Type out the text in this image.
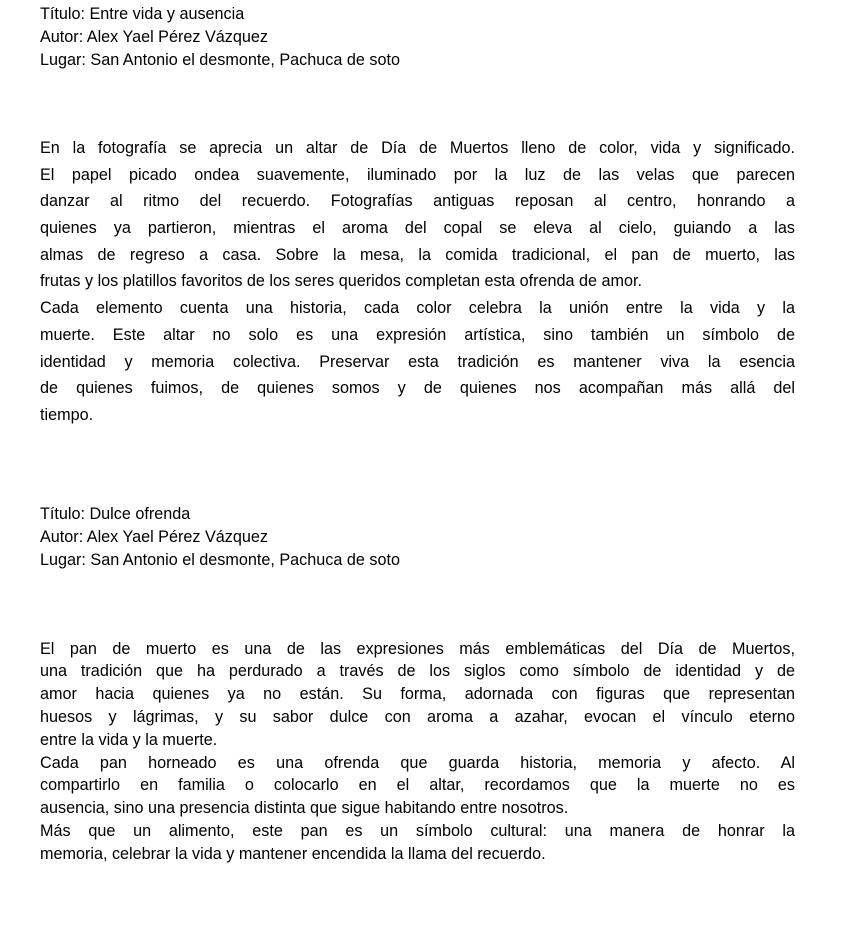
Título: Entre vida y ausencia
Autor: Alex Yael Pérez Vázquez
Lugar: San Antonio el desmonte, Pachuca de soto
En la fotografía se aprecia un altar de Día de Muertos lleno de color, vida y significado.
El papel picado ondea suavemente, iluminado por la luz de las velas que parecen
danzar al ritmo del recuerdo. Fotografías antiguas reposan al centro, honrando a
quienes ya partieron, mientras el aroma del copal se eleva al cielo, guiando a las
almas de regreso a casa. Sobre la mesa, la comida tradicional, el pan de muerto, las
frutas y los platillos favoritos de los seres queridos completan esta ofrenda de amor.
Cada elemento cuenta una historia, cada color celebra la unión entre la vida y la
muerte. Este altar no solo es una expresión artística, sino también un símbolo de
identidad y memoria colectiva. Preservar esta tradición es mantener viva la esencia
de quienes fuimos, de quienes somos y de quienes nos acompañan más allá del
tiempo.
Título: Dulce ofrenda
Autor: Alex Yael Pérez Vázquez
Lugar: San Antonio el desmonte, Pachuca de soto
El pan de muerto es una de las expresiones más emblemáticas del Día de Muertos,
una tradición que ha perdurado a través de los siglos como símbolo de identidad y de
amor hacia quienes ya no están. Su forma, adornada con figuras que representan
huesos y lágrimas, y su sabor dulce con aroma a azahar, evocan el vínculo eterno
entre la vida y la muerte.
Cada pan horneado es una ofrenda que guarda historia, memoria y afecto. Al
compartirlo en familia o colocarlo en el altar, recordamos que la muerte no es
ausencia, sino una presencia distinta que sigue habitando entre nosotros.
Más que un alimento, este pan es un símbolo cultural: una manera de honrar la
memoria, celebrar la vida y mantener encendida la llama del recuerdo.
